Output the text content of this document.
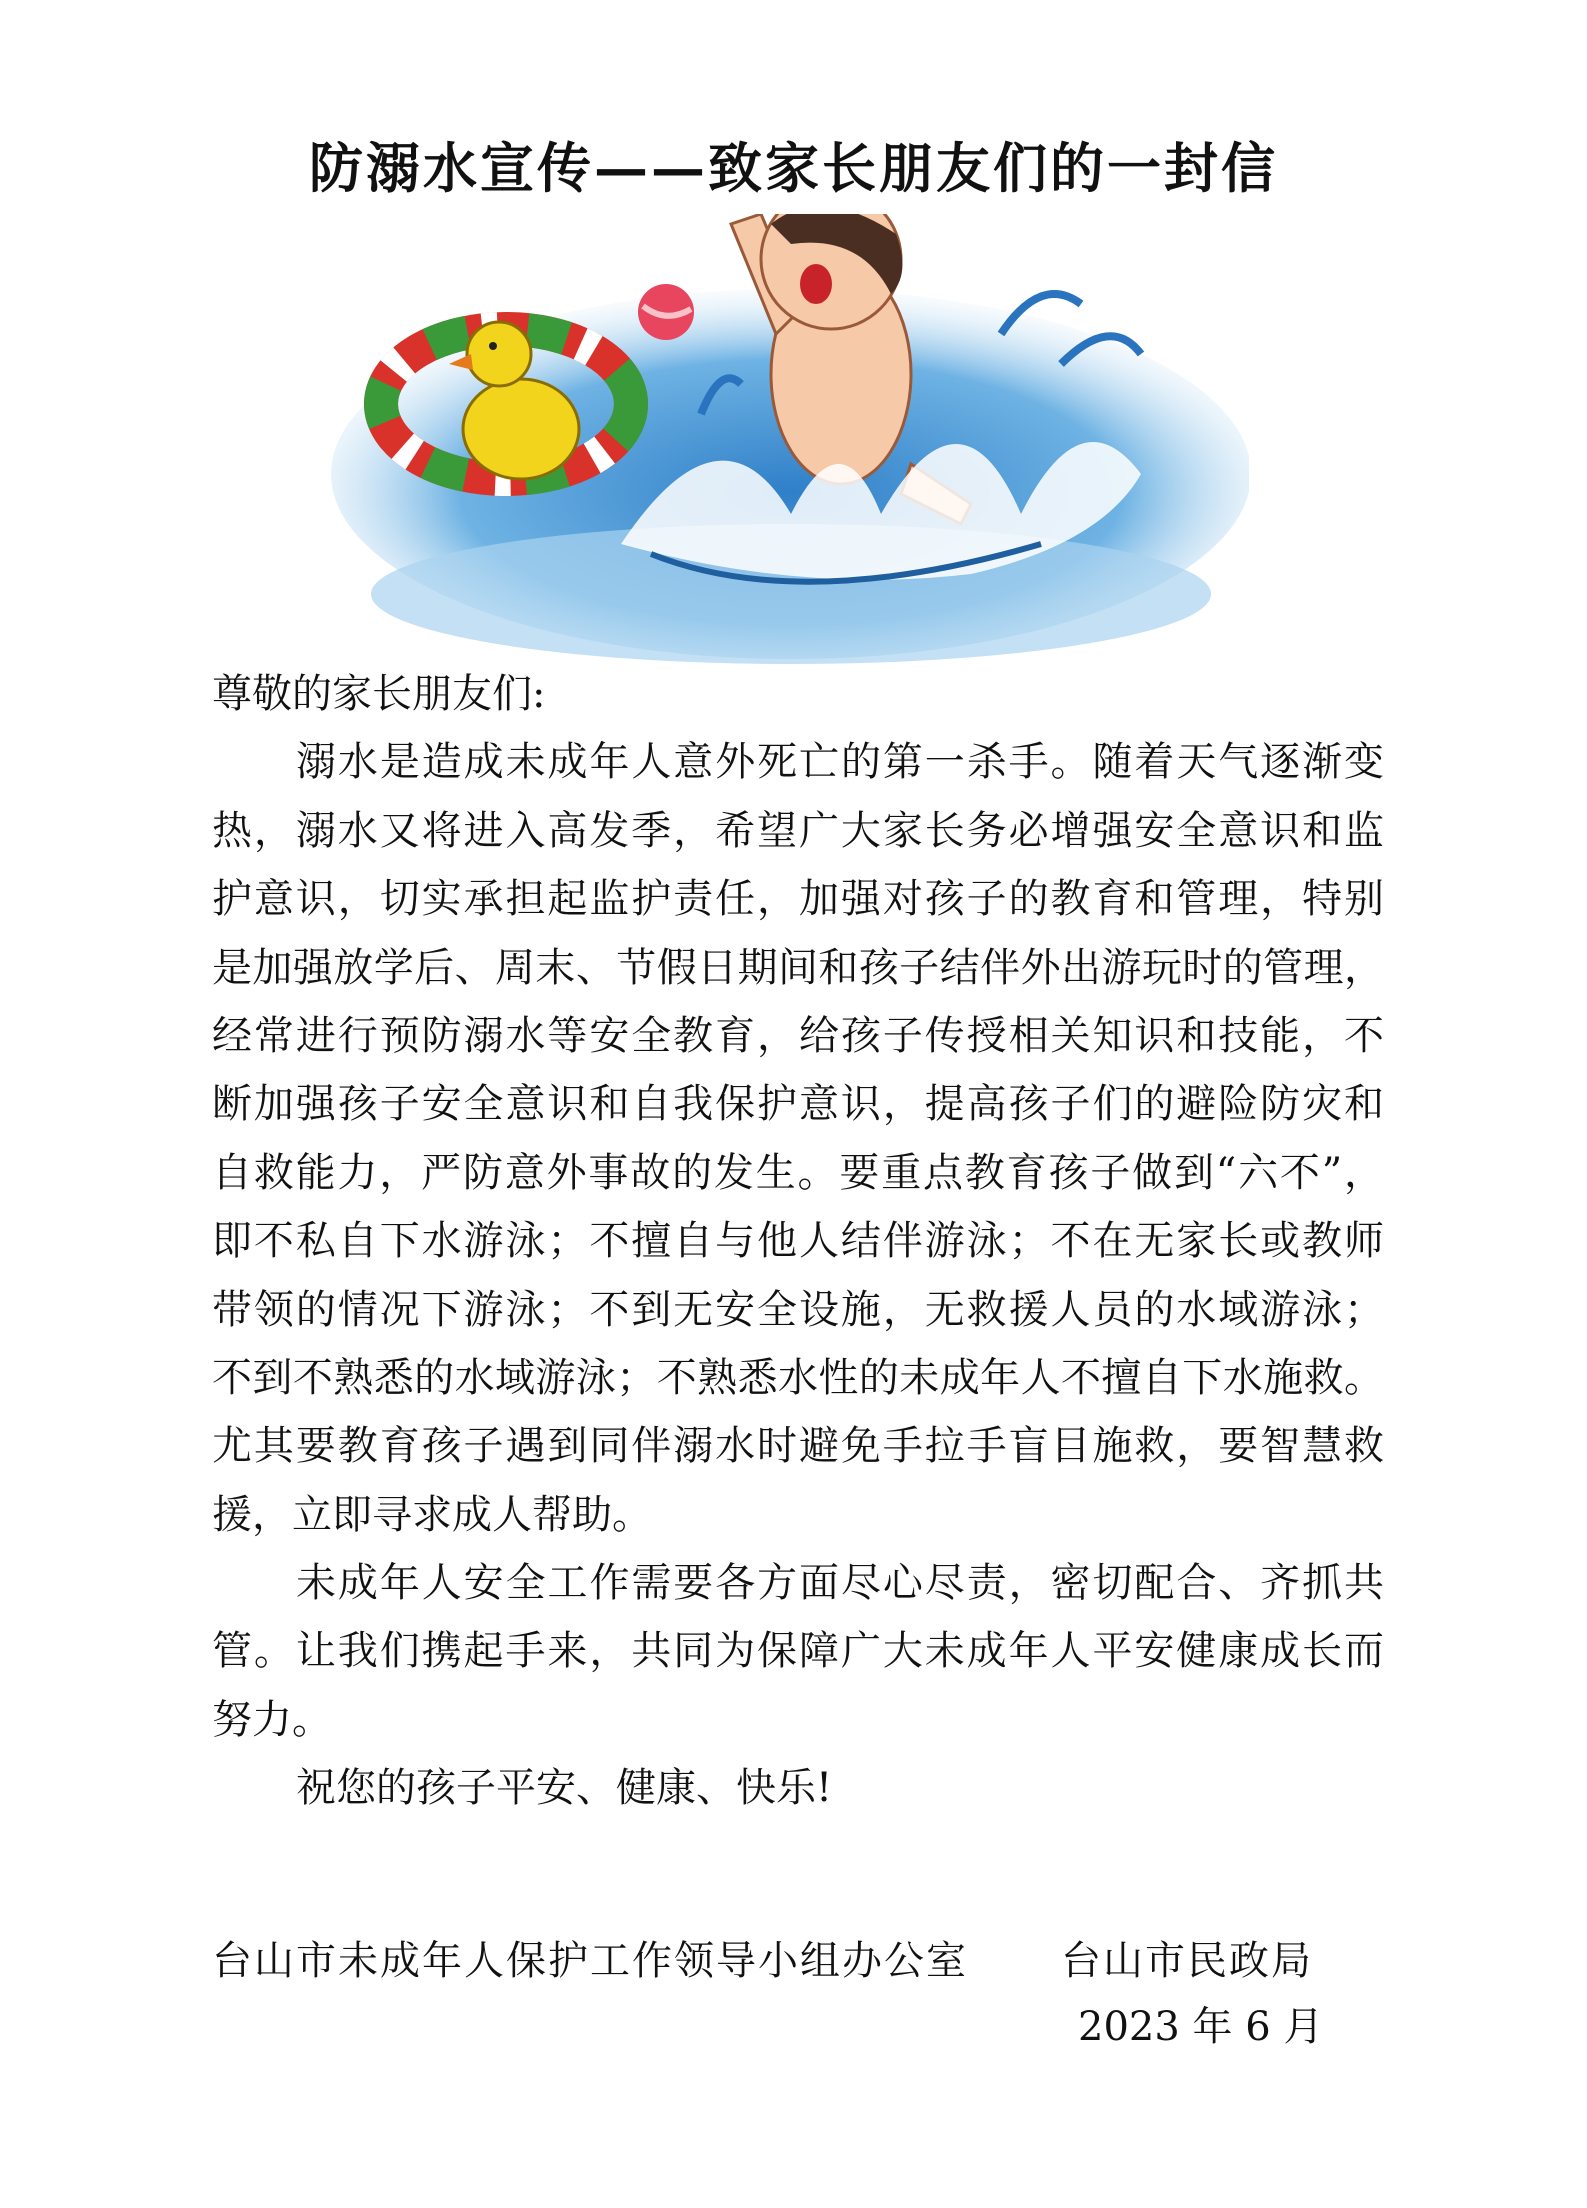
防溺水宣传——致家长朋友们的一封信
尊敬的家长朋友们:
溺水是造成未成年人意外死亡的第一杀手。随着天气逐渐变
热，溺水又将进入高发季，希望广大家长务必增强安全意识和监
护意识，切实承担起监护责任，加强对孩子的教育和管理，特别
是加强放学后、周末、节假日期间和孩子结伴外出游玩时的管理，
经常进行预防溺水等安全教育，给孩子传授相关知识和技能，不
断加强孩子安全意识和自我保护意识，提高孩子们的避险防灾和
自救能力，严防意外事故的发生。要重点教育孩子做到“六不”，
即不私自下水游泳；不擅自与他人结伴游泳；不在无家长或教师
带领的情况下游泳；不到无安全设施，无救援人员的水域游泳；
不到不熟悉的水域游泳；不熟悉水性的未成年人不擅自下水施救。
尤其要教育孩子遇到同伴溺水时避免手拉手盲目施救，要智慧救
援，立即寻求成人帮助。
未成年人安全工作需要各方面尽心尽责，密切配合、齐抓共
管。让我们携起手来，共同为保障广大未成年人平安健康成长而
努力。
祝您的孩子平安、健康、快乐!
台山市未成年人保护工作领导小组办公室 台山市民政局
2023 年 6 月
